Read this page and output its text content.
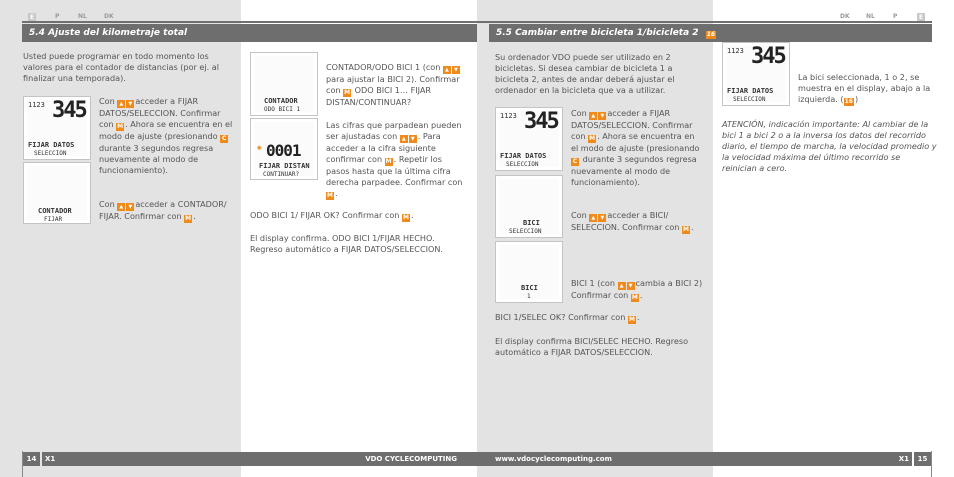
E	P	NL	DK	DK	NL	P	E
5.4 Ajuste del kilometraje total	5.5 Cambiar entre bicicleta 1/bicicleta 2 16
Usted puede programar en todo momento los valores para el contador de distancias (por ej. al finalizar una temporada).
1123 345
FIJAR DATOS
SELECCION
Con ▲▼acceder a FIJAR DATOS/SELECCION. Confirmar con M. Ahora se encuentra en el modo de ajuste (presionando C durante 3 segundos regresa nuevamente al modo de funcionamiento).
CONTADOR
FIJAR
Con ▲▼acceder a CONTADOR/ FIJAR. Confirmar con M.
CONTADOR
ODO BICI 1
CONTADOR/ODO BICI 1 (con ▲▼ para ajustar la BICI 2). Confirmar con M ODO BICI 1… FIJAR DISTAN/CONTINUAR?
✺ 0001
FIJAR DISTAN
CONTINUAR?
Las cifras que parpadean pueden ser ajustadas con ▲▼. Para acceder a la cifra siguiente confirmar con M. Repetir los pasos hasta que la última cifra derecha parpadee. Confirmar con M.
ODO BICI 1/ FIJAR OK? Confirmar con M.
El display confirma. ODO BICI 1/FIJAR HECHO. Regreso automático a FIJAR DATOS/SELECCION.
Su ordenador VDO puede ser utilizado en 2 bicicletas. Si desea cambiar de bicicleta 1 a bicicleta 2, antes de andar deberá ajustar el ordenador en la bicicleta que va a utilizar.
1123 345
FIJAR DATOS
SELECCION
Con ▲▼acceder a FIJAR DATOS/SELECCION. Confirmar con M. Ahora se encuentra en el modo de ajuste (presionando C durante 3 segundos regresa nuevamente al modo de funcionamiento).
BICI
SELECCION
Con ▲▼acceder a BICI/ SELECCION. Confirmar con M.
BICI
1
BICI 1 (con ▲▼cambia a BICI 2) Confirmar con M.
BICI 1/SELEC OK? Confirmar con M.
El display confirma BICI/SELEC HECHO. Regreso automático a FIJAR DATOS/SELECCION.
1123 345
FIJAR DATOS
SELECCION
La bici seleccionada, 1 o 2, se muestra en el display, abajo a la izquierda. (16 )
ATENCIÓN, indicación importante: Al cambiar de la bici 1 a bici 2 o a la inversa los datos del recorrido diario, el tiempo de marcha, la velocidad promedio y la velocidad máxima del último recorrido se reinician a cero.
14	X1	VDO CYCLECOMPUTING	www.vdocyclecomputing.com	X1	15
